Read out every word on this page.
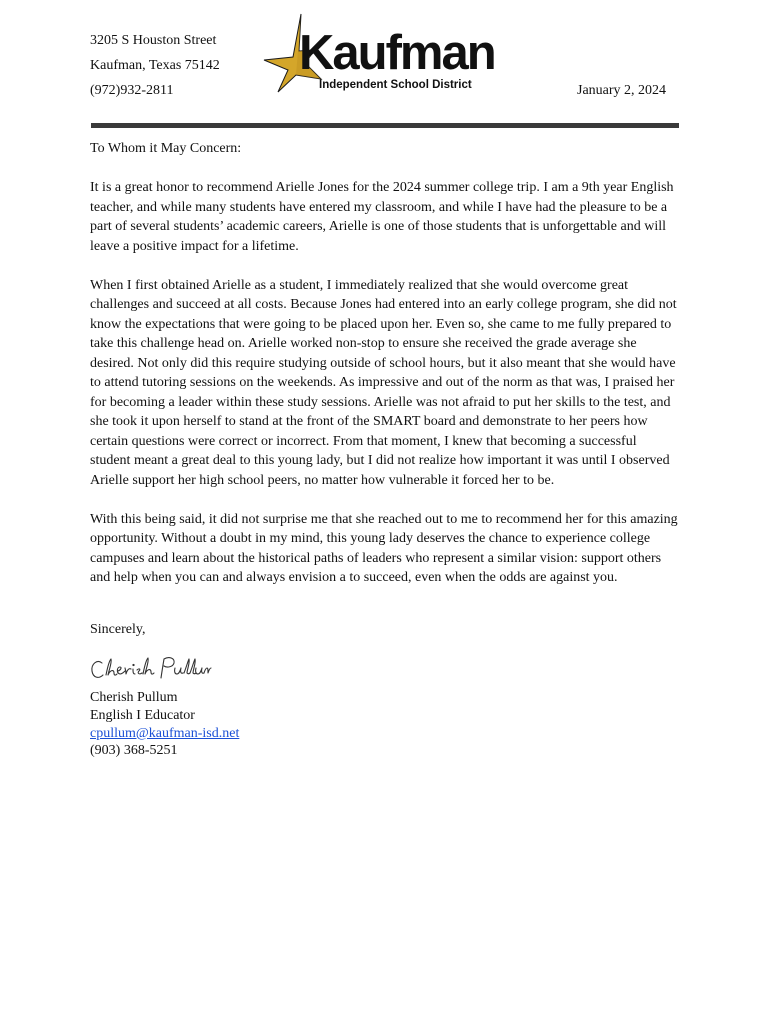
3205 S Houston Street
Kaufman, Texas 75142
(972)932-2811
Kaufman
Independent School District	January 2, 2024
To Whom it May Concern:

It is a great honor to recommend Arielle Jones for the 2024 summer college trip. I am a 9th year English teacher, and while many students have entered my classroom, and while I have had the pleasure to be a part of several students’ academic careers, Arielle is one of those students that is unforgettable and will leave a positive impact for a lifetime.

When I first obtained Arielle as a student, I immediately realized that she would overcome great challenges and succeed at all costs. Because Jones had entered into an early college program, she did not know the expectations that were going to be placed upon her. Even so, she came to me fully prepared to take this challenge head on. Arielle worked non-stop to ensure she received the grade average she desired. Not only did this require studying outside of school hours, but it also meant that she would have to attend tutoring sessions on the weekends. As impressive and out of the norm as that was, I praised her for becoming a leader within these study sessions. Arielle was not afraid to put her skills to the test, and she took it upon herself to stand at the front of the SMART board and demonstrate to her peers how certain questions were correct or incorrect. From that moment, I knew that becoming a successful student meant a great deal to this young lady, but I did not realize how important it was until I observed Arielle support her high school peers, no matter how vulnerable it forced her to be.

With this being said, it did not surprise me that she reached out to me to recommend her for this amazing opportunity. Without a doubt in my mind, this young lady deserves the chance to experience college campuses and learn about the historical paths of leaders who represent a similar vision: support others and help when you can and always envision a to succeed, even when the odds are against you.

Sincerely,
Cherish Pullum
English I Educator
cpullum@kaufman-isd.net
(903) 368-5251
